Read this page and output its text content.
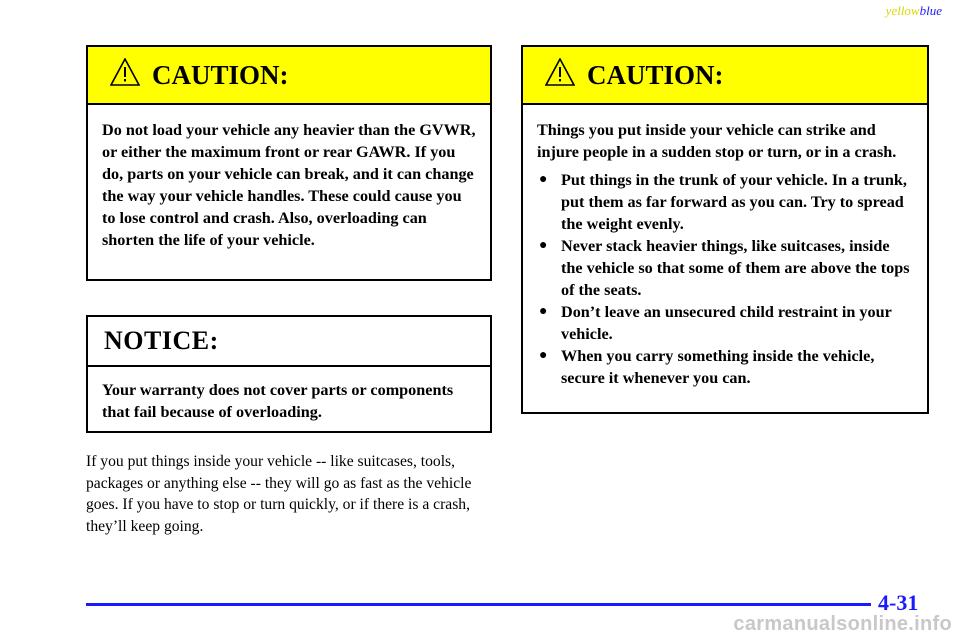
yellowblue
CAUTION:
Do not load your vehicle any heavier than the GVWR, or either the maximum front or rear GAWR. If you do, parts on your vehicle can break, and it can change the way your vehicle handles. These could cause you to lose control and crash. Also, overloading can shorten the life of your vehicle.
NOTICE:
Your warranty does not cover parts or components that fail because of overloading.
If you put things inside your vehicle -- like suitcases, tools, packages or anything else -- they will go as fast as the vehicle goes. If you have to stop or turn quickly, or if there is a crash, they’ll keep going.
CAUTION:
Things you put inside your vehicle can strike and injure people in a sudden stop or turn, or in a crash.
● Put things in the trunk of your vehicle. In a trunk, put them as far forward as you can. Try to spread the weight evenly.
● Never stack heavier things, like suitcases, inside the vehicle so that some of them are above the tops of the seats.
● Don’t leave an unsecured child restraint in your vehicle.
● When you carry something inside the vehicle, secure it whenever you can.
4-31
carmanualsonline.info
